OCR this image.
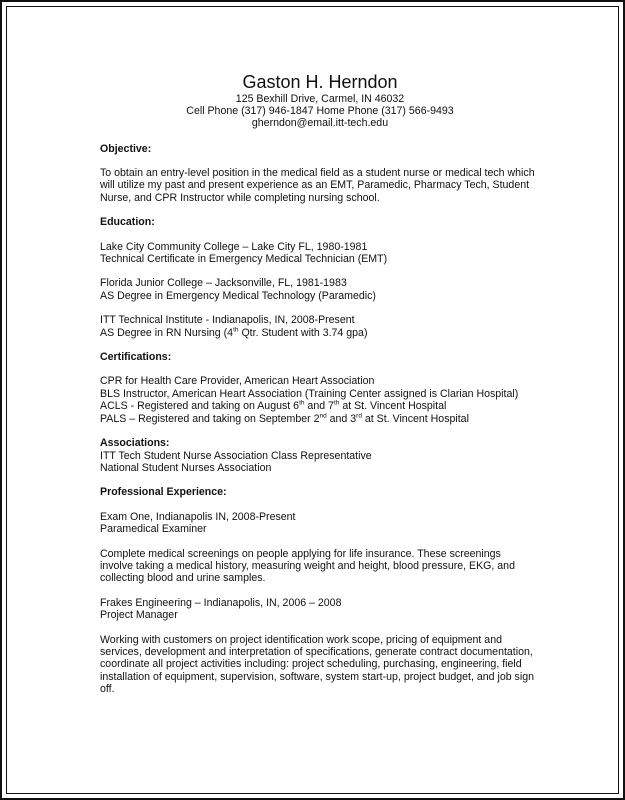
Gaston H. Herndon
125 Bexhill Drive, Carmel, IN 46032
Cell Phone (317) 946-1847 Home Phone (317) 566-9493
gherndon@email.itt-tech.edu
Objective:
To obtain an entry-level position in the medical field as a student nurse or medical tech which
will utilize my past and present experience as an EMT, Paramedic, Pharmacy Tech, Student
Nurse, and CPR Instructor while completing nursing school.
Education:
Lake City Community College – Lake City FL, 1980-1981
Technical Certificate in Emergency Medical Technician (EMT)
Florida Junior College – Jacksonville, FL, 1981-1983
AS Degree in Emergency Medical Technology (Paramedic)
ITT Technical Institute - Indianapolis, IN, 2008-Present
AS Degree in RN Nursing (4th Qtr. Student with 3.74 gpa)
Certifications:
CPR for Health Care Provider, American Heart Association
BLS Instructor, American Heart Association (Training Center assigned is Clarian Hospital)
ACLS - Registered and taking on August 6th and 7th at St. Vincent Hospital
PALS – Registered and taking on September 2nd and 3rd at St. Vincent Hospital
Associations:
ITT Tech Student Nurse Association Class Representative
National Student Nurses Association
Professional Experience:
Exam One, Indianapolis IN, 2008-Present
Paramedical Examiner
Complete medical screenings on people applying for life insurance. These screenings
involve taking a medical history, measuring weight and height, blood pressure, EKG, and
collecting blood and urine samples.
Frakes Engineering – Indianapolis, IN, 2006 – 2008
Project Manager
Working with customers on project identification work scope, pricing of equipment and
services, development and interpretation of specifications, generate contract documentation,
coordinate all project activities including: project scheduling, purchasing, engineering, field
installation of equipment, supervision, software, system start-up, project budget, and job sign
off.
